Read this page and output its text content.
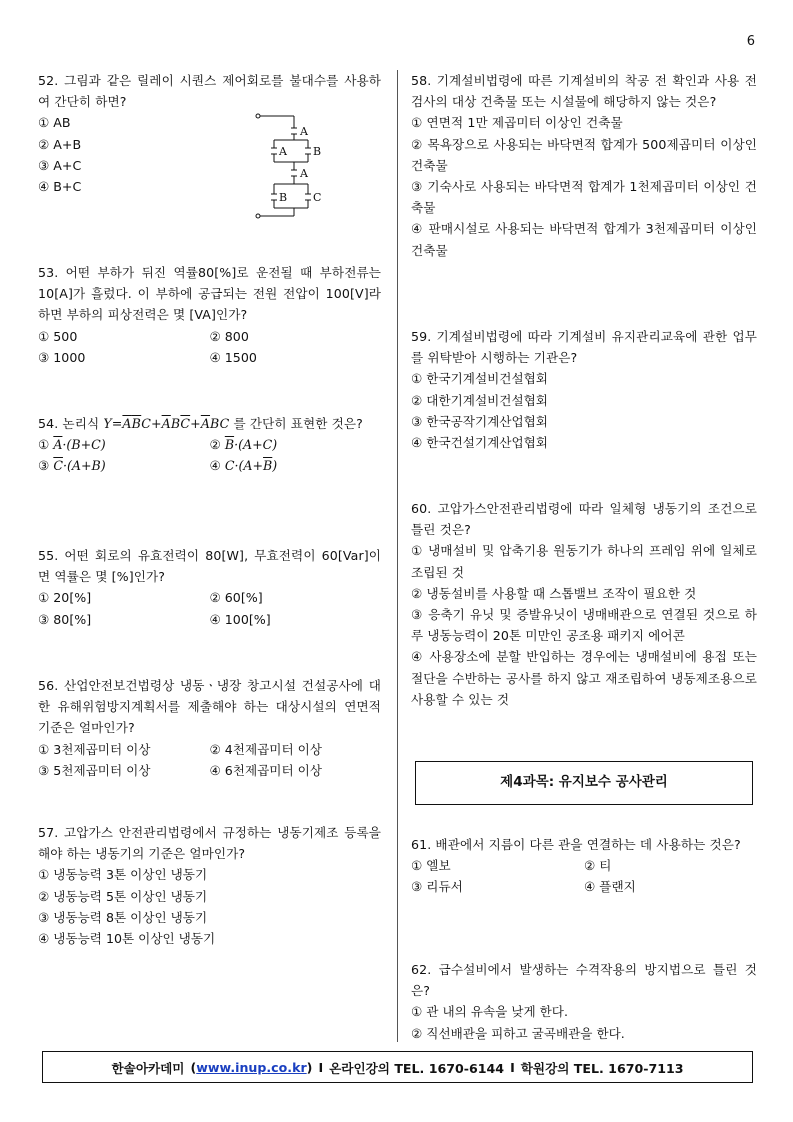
6
52. 그림과 같은 릴레이 시퀀스 제어회로를 불대수를 사용하여 간단히 하면?
① AB
② A+B
③ A+C
④ B+C
A
A B
A
B C
53. 어떤 부하가 뒤진 역률80[%]로 운전될 때 부하전류는 10[A]가 흘렀다. 이 부하에 공급되는 전원 전압이 100[V]라 하면 부하의 피상전력은 몇 [VA]인가?
① 500	② 800
③ 1000	④ 1500
54. 논리식 $Y=\overline{A}\overline{B}C+\overline{A}B\overline{C}+\overline{A}BC$ 를 간단히 표현한 것은?
① $\overline{A}\cdot(B+C)$	② $\overline{B}\cdot(A+C)$
③ $\overline{C}\cdot(A+B)$	④ $C\cdot(A+\overline{B})$
55. 어떤 회로의 유효전력이 80[W], 무효전력이 60[Var]이면 역률은 몇 [%]인가?
① 20[%]	② 60[%]
③ 80[%]	④ 100[%]
56. 산업안전보건법령상 냉동ㆍ냉장 창고시설 건설공사에 대한 유해위험방지계획서를 제출해야 하는 대상시설의 연면적 기준은 얼마인가?
① 3천제곱미터 이상	② 4천제곱미터 이상
③ 5천제곱미터 이상	④ 6천제곱미터 이상
57. 고압가스 안전관리법령에서 규정하는 냉동기제조 등록을 해야 하는 냉동기의 기준은 얼마인가?
① 냉동능력 3톤 이상인 냉동기
② 냉동능력 5톤 이상인 냉동기
③ 냉동능력 8톤 이상인 냉동기
④ 냉동능력 10톤 이상인 냉동기
58. 기계설비법령에 따른 기계설비의 착공 전 확인과 사용 전 검사의 대상 건축물 또는 시설물에 해당하지 않는 것은?
① 연면적 1만 제곱미터 이상인 건축물
② 목욕장으로 사용되는 바닥면적 합계가 500제곱미터 이상인 건축물
③ 기숙사로 사용되는 바닥면적 합계가 1천제곱미터 이상인 건축물
④ 판매시설로 사용되는 바닥면적 합계가 3천제곱미터 이상인 건축물
59. 기계설비법령에 따라 기계설비 유지관리교육에 관한 업무를 위탁받아 시행하는 기관은?
① 한국기계설비건설협회
② 대한기계설비건설협회
③ 한국공작기계산업협회
④ 한국건설기계산업협회
60. 고압가스안전관리법령에 따라 일체형 냉동기의 조건으로 틀린 것은?
① 냉매설비 및 압축기용 원동기가 하나의 프레임 위에 일체로 조립된 것
② 냉동설비를 사용할 때 스톱밸브 조작이 필요한 것
③ 응축기 유닛 및 증발유닛이 냉매배관으로 연결된 것으로 하루 냉동능력이 20톤 미만인 공조용 패키지 에어콘
④ 사용장소에 분할 반입하는 경우에는 냉매설비에 용접 또는 절단을 수반하는 공사를 하지 않고 재조립하여 냉동제조용으로 사용할 수 있는 것
제4과목: 유지보수 공사관리
61. 배관에서 지름이 다른 관을 연결하는 데 사용하는 것은?
① 엘보	② 티
③ 리듀서	④ 플랜지
62. 급수설비에서 발생하는 수격작용의 방지법으로 틀린 것은?
① 관 내의 유속을 낮게 한다.
② 직선배관을 피하고 굴곡배관을 한다.
한솔아카데미 (www.inup.co.kr) I 온라인강의 TEL. 1670-6144 I 학원강의 TEL. 1670-7113
